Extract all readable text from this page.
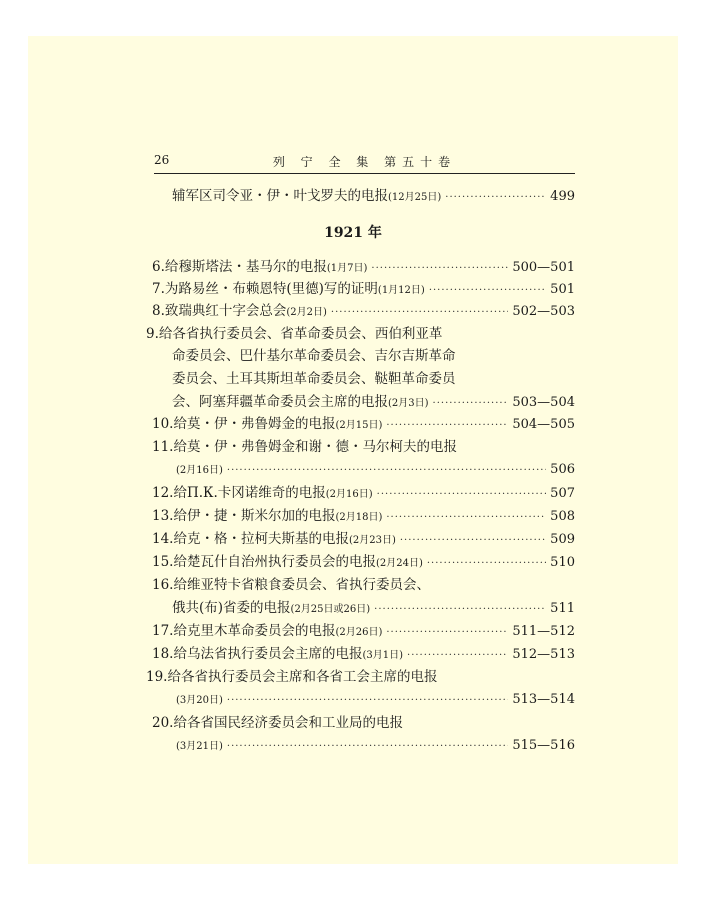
26	列 宁 全 集 第五十卷
辅军区司令亚・伊・叶戈罗夫的电报 (12月25日) ·····	499
1921 年
6.给穆斯塔法・基马尔的电报 (1月7日) ·····	500—501
7.为路易丝・布赖恩特(里德)写的证明 (1月12日) ·····	501
8.致瑞典红十字会总会 (2月2日) ·····	502—503
9.给各省执行委员会、省革命委员会、西伯利亚革
命委员会、巴什基尔革命委员会、吉尔吉斯革命
委员会、土耳其斯坦革命委员会、鞑靼革命委员
会、阿塞拜疆革命委员会主席的电报 (2月3日) ·····	503—504
10.给莫・伊・弗鲁姆金的电报 (2月15日) ·····	504—505
11.给莫・伊・弗鲁姆金和谢・德・马尔柯夫的电报
(2月16日) ·····	506
12.给П.К.卡冈诺维奇的电报 (2月16日) ·····	507
13.给伊・捷・斯米尔加的电报 (2月18日) ·····	508
14.给克・格・拉柯夫斯基的电报 (2月23日) ·····	509
15.给楚瓦什自治州执行委员会的电报 (2月24日) ·····	510
16.给维亚特卡省粮食委员会、省执行委员会、
俄共(布)省委的电报 (2月25日或26日) ·····	511
17.给克里木革命委员会的电报 (2月26日) ·····	511—512
18.给乌法省执行委员会主席的电报 (3月1日) ·····	512—513
19.给各省执行委员会主席和各省工会主席的电报
(3月20日) ·····	513—514
20.给各省国民经济委员会和工业局的电报
(3月21日) ·····	515—516
